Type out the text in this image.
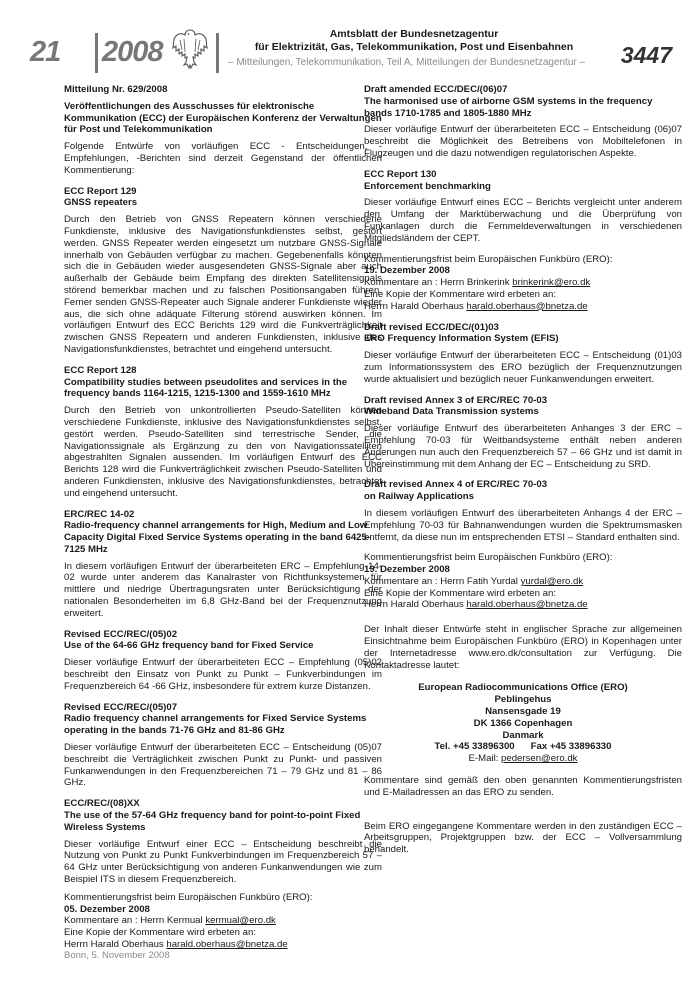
21 2008
Amtsblatt der Bundesnetzagentur
für Elektrizität, Gas, Telekommunikation, Post und Eisenbahnen
– Mitteilungen, Telekommunikation, Teil A, Mitteilungen der Bundesnetzagentur – 3447

Mitteilung Nr. 629/2008

Veröffentlichungen des Ausschusses für elektronische Kommunikation (ECC) der Europäischen Konferenz der Verwaltungen für Post und Telekommunikation

Folgende Entwürfe von vorläufigen ECC - Entscheidungen, -Empfehlungen, -Berichten sind derzeit Gegenstand der öffentlichen Kommentierung:

ECC Report 129

GNSS repeaters

Durch den Betrieb von GNSS Repeatern können verschiedene Funkdienste, inklusive des Navigationsfunkdienstes selbst, gestört werden. GNSS Repeater werden eingesetzt um nutzbare GNSS-Signale innerhalb von Gebäuden verfügbar zu machen. Gegebenenfalls könnten sich die in Gebäuden wieder ausgesendeten GNSS-Signale aber auch außerhalb der Gebäude beim Empfang des direkten Satellitensignals störend bemerkbar machen und zu falschen Positionsangaben führen. Ferner senden GNSS-Repeater auch Signale anderer Funkdienste wieder aus, die sich ohne adäquate Filterung störend auswirken können. Im vorläufigen Entwurf des ECC Berichts 129 wird die Funkverträglichkeit zwischen GNSS Repeatern und anderen Funkdiensten, inklusive des Navigationsfunkdienstes, betrachtet und eingehend untersucht.

ECC Report 128

Compatibility studies between pseudolites and services in the frequency bands 1164-1215, 1215-1300 and 1559-1610 MHz

Durch den Betrieb von unkontrollierten Pseudo-Satelliten können verschiedene Funkdienste, inklusive des Navigationsfunkdienstes selbst, gestört werden. Pseudo-Satelliten sind terrestrische Sender, die Navigationssignale als Ergänzung zu den von Navigationssatelliten abgestrahlten Signalen aussenden. Im vorläufigen Entwurf des ECC Berichts 128 wird die Funkverträglichkeit zwischen Pseudo-Satelliten und anderen Funkdiensten, inklusive des Navigationsfunkdienstes, betrachtet und eingehend untersucht.

ERC/REC 14-02

Radio-frequency channel arrangements for High, Medium and Low Capacity Digital Fixed Service Systems operating in the band 6425-7125 MHz

In diesem vorläufigen Entwurf der überarbeiteten ERC – Empfehlung 14-02 wurde unter anderem das Kanalraster von Richtfunksystemen für mittlere und niedrige Übertragungsraten unter Berücksichtigung der nationalen Besonderheiten im 6,8 GHz-Band bei der Frequenznutzung erweitert.

Revised ECC/REC/(05)02

Use of the 64-66 GHz frequency band for Fixed Service

Dieser vorläufige Entwurf der überarbeiteten ECC – Empfehlung (05)02 beschreibt den Einsatz von Punkt zu Punkt – Funkverbindungen im Frequenzbereich 64 -66 GHz, insbesondere für extrem kurze Distanzen.

Revised ECC/REC/(05)07

Radio frequency channel arrangements for Fixed Service Systems operating in the bands 71-76 GHz and 81-86 GHz

Dieser vorläufige Entwurf der überarbeiteten ECC – Entscheidung (05)07 beschreibt die Verträglichkeit zwischen Punkt zu Punkt- und passiven Funkanwendungen in den Frequenzbereichen 71 – 79 GHz und 81 – 86 GHz.

ECC/REC/(08)XX

The use of the 57-64 GHz frequency band for point-to-point Fixed Wireless Systems

Dieser vorläufige Entwurf einer ECC – Entscheidung beschreibt die Nutzung von Punkt zu Punkt Funkverbindungen im Frequenzbereich 57 – 64 GHz unter Berücksichtigung von anderen Funkanwendungen wie zum Beispiel ITS in diesem Frequenzbereich.

Kommentierungsfrist beim Europäischen Funkbüro (ERO):

05. Dezember 2008

Kommentare an : Herrn Kermual kermual@ero.dk

Eine Kopie der Kommentare wird erbeten an:

Herrn Harald Oberhaus harald.oberhaus@bnetza.de

Draft amended ECC/DEC/(06)07

The harmonised use of airborne GSM systems in the frequency bands 1710-1785 and 1805-1880 MHz

Dieser vorläufige Entwurf der überarbeiteten ECC – Entscheidung (06)07 beschreibt die Möglichkeit des Betreibens von Mobiltelefonen in Flugzeugen und die dazu notwendigen regulatorischen Aspekte.

ECC Report 130

Enforcement benchmarking

Dieser vorläufige Entwurf eines ECC – Berichts vergleicht unter anderem den Umfang der Marktüberwachung und die Überprüfung von Funkanlagen durch die Fernmeldeverwaltungen in verschiedenen Mitgliedsländern der CEPT.

Kommentierungsfrist beim Europäischen Funkbüro (ERO):

19. Dezember 2008

Kommentare an : Herrn Brinkerink brinkerink@ero.dk

Eine Kopie der Kommentare wird erbeten an:

Herrn Harald Oberhaus harald.oberhaus@bnetza.de

Draft revised ECC/DEC/(01)03

ERO Frequency Information System (EFIS)

Dieser vorläufige Entwurf der überarbeiteten ECC – Entscheidung (01)03 zum Informationssystem des ERO bezüglich der Frequenznutzungen wurde aktualisiert und bezüglich neuer Funkanwendungen erweitert.

Draft revised Annex 3 of ERC/REC 70-03

Wideband Data Transmission systems

Dieser vorläufige Entwurf des überarbeiteten Anhanges 3 der ERC – Empfehlung 70-03 für Weitbandsysteme enthält neben anderen Änderungen nun auch den Frequenzbereich 57 – 66 GHz und ist damit in Übereinstimmung mit dem Anhang der EC – Entscheidung zu SRD.

Draft revised Annex 4 of ERC/REC 70-03

on Railway Applications

In diesem vorläufigen Entwurf des überarbeiteten Anhangs 4 der ERC – Empfehlung 70-03 für Bahnanwendungen wurden die Spektrumsmasken entfernt, da diese nun im entsprechenden ETSI – Standard enthalten sind.

Kommentierungsfrist beim Europäischen Funkbüro (ERO):

19. Dezember 2008

Kommentare an : Herrn Fatih Yurdal yurdal@ero.dk

Eine Kopie der Kommentare wird erbeten an:

Herrn Harald Oberhaus harald.oberhaus@bnetza.de

Der Inhalt dieser Entwürfe steht in englischer Sprache zur allgemeinen Einsichtnahme beim Europäischen Funkbüro (ERO) in Kopenhagen unter der Internetadresse www.ero.dk/consultation zur Verfügung. Die Kontaktadresse lautet:

European Radiocommunications Office (ERO)
Peblingehus
Nansensgade 19
DK 1366 Copenhagen
Danmark
Tel. +45 33896300      Fax +45 33896330
E-Mail: pedersen@ero.dk

Kommentare sind gemäß den oben genannten Kommentierungsfristen und E-Mailadressen an das ERO zu senden.

Beim ERO eingegangene Kommentare werden in den zuständigen ECC – Arbeitsgruppen, Projektgruppen bzw. der ECC – Vollversammlung behandelt.

Bonn, 5. November 2008
